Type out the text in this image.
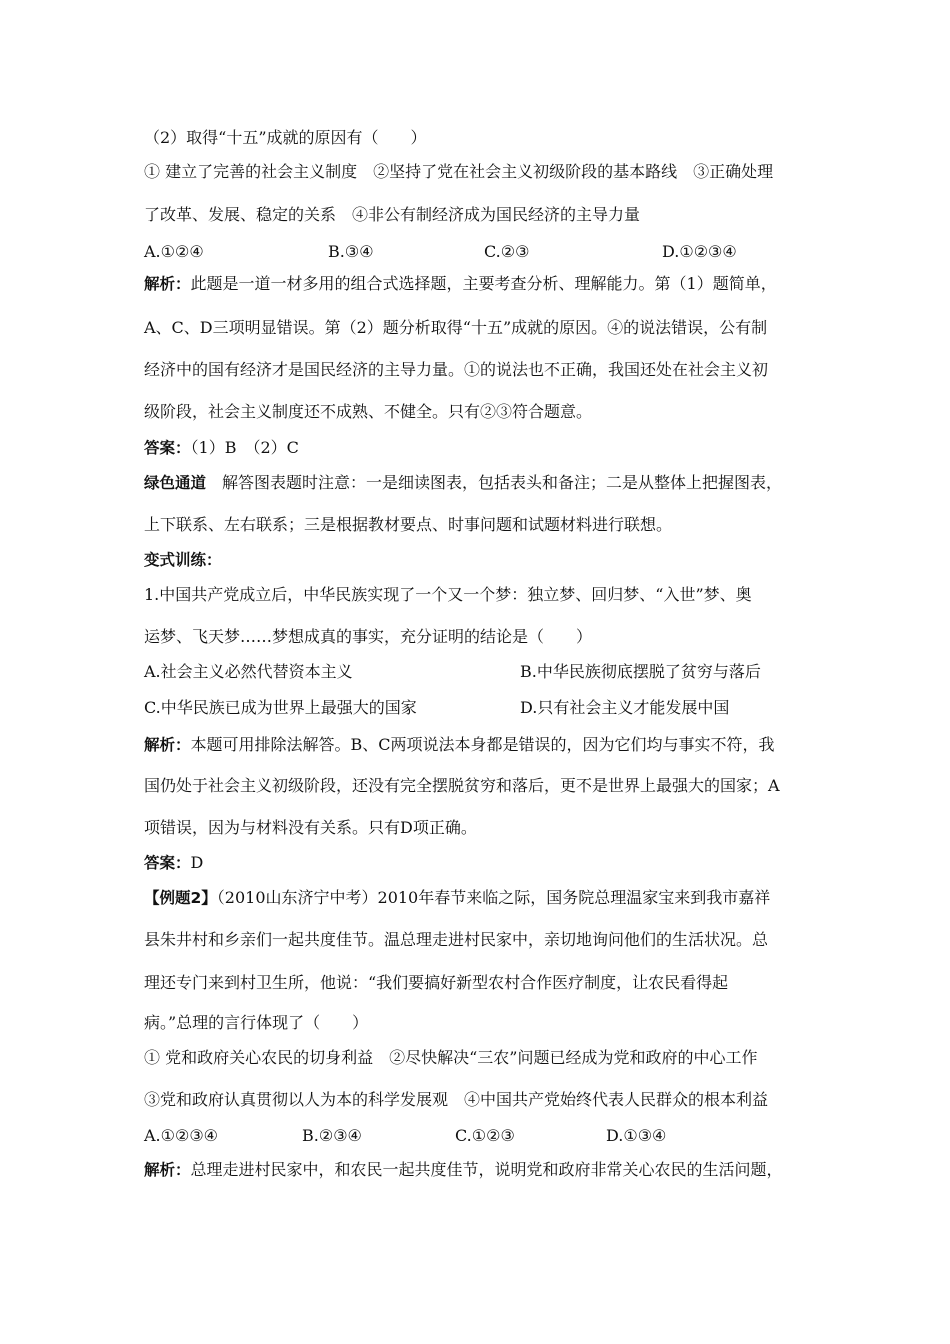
（2）取得“十五”成就的原因有（　　）
① 建立了完善的社会主义制度　②坚持了党在社会主义初级阶段的基本路线　③正确处理
了改革、发展、稳定的关系　④非公有制经济成为国民经济的主导力量
A.①②④	B.③④	C.②③	D.①②③④
解析：此题是一道一材多用的组合式选择题，主要考查分析、理解能力。第（1）题简单，
A、C、D三项明显错误。第（2）题分析取得“十五”成就的原因。④的说法错误，公有制
经济中的国有经济才是国民经济的主导力量。①的说法也不正确，我国还处在社会主义初
级阶段，社会主义制度还不成熟、不健全。只有②③符合题意。
答案：（1）B　（2）C
绿色通道　解答图表题时注意：一是细读图表，包括表头和备注；二是从整体上把握图表，
上下联系、左右联系；三是根据教材要点、时事问题和试题材料进行联想。
变式训练：
1.中国共产党成立后，中华民族实现了一个又一个梦：独立梦、回归梦、“入世”梦、奥
运梦、飞天梦……梦想成真的事实，充分证明的结论是（　　）
A.社会主义必然代替资本主义	B.中华民族彻底摆脱了贫穷与落后
C.中华民族已成为世界上最强大的国家	D.只有社会主义才能发展中国
解析：本题可用排除法解答。B、C两项说法本身都是错误的，因为它们均与事实不符，我
国仍处于社会主义初级阶段，还没有完全摆脱贫穷和落后，更不是世界上最强大的国家；A
项错误，因为与材料没有关系。只有D项正确。
答案：D
【例题2】（2010山东济宁中考）2010年春节来临之际，国务院总理温家宝来到我市嘉祥
县朱井村和乡亲们一起共度佳节。温总理走进村民家中，亲切地询问他们的生活状况。总
理还专门来到村卫生所，他说：“我们要搞好新型农村合作医疗制度，让农民看得起
病。”总理的言行体现了（　　）
① 党和政府关心农民的切身利益　②尽快解决“三农”问题已经成为党和政府的中心工作
③党和政府认真贯彻以人为本的科学发展观　④中国共产党始终代表人民群众的根本利益
A.①②③④	B.②③④	C.①②③	D.①③④
解析：总理走进村民家中，和农民一起共度佳节，说明党和政府非常关心农民的生活问题，
